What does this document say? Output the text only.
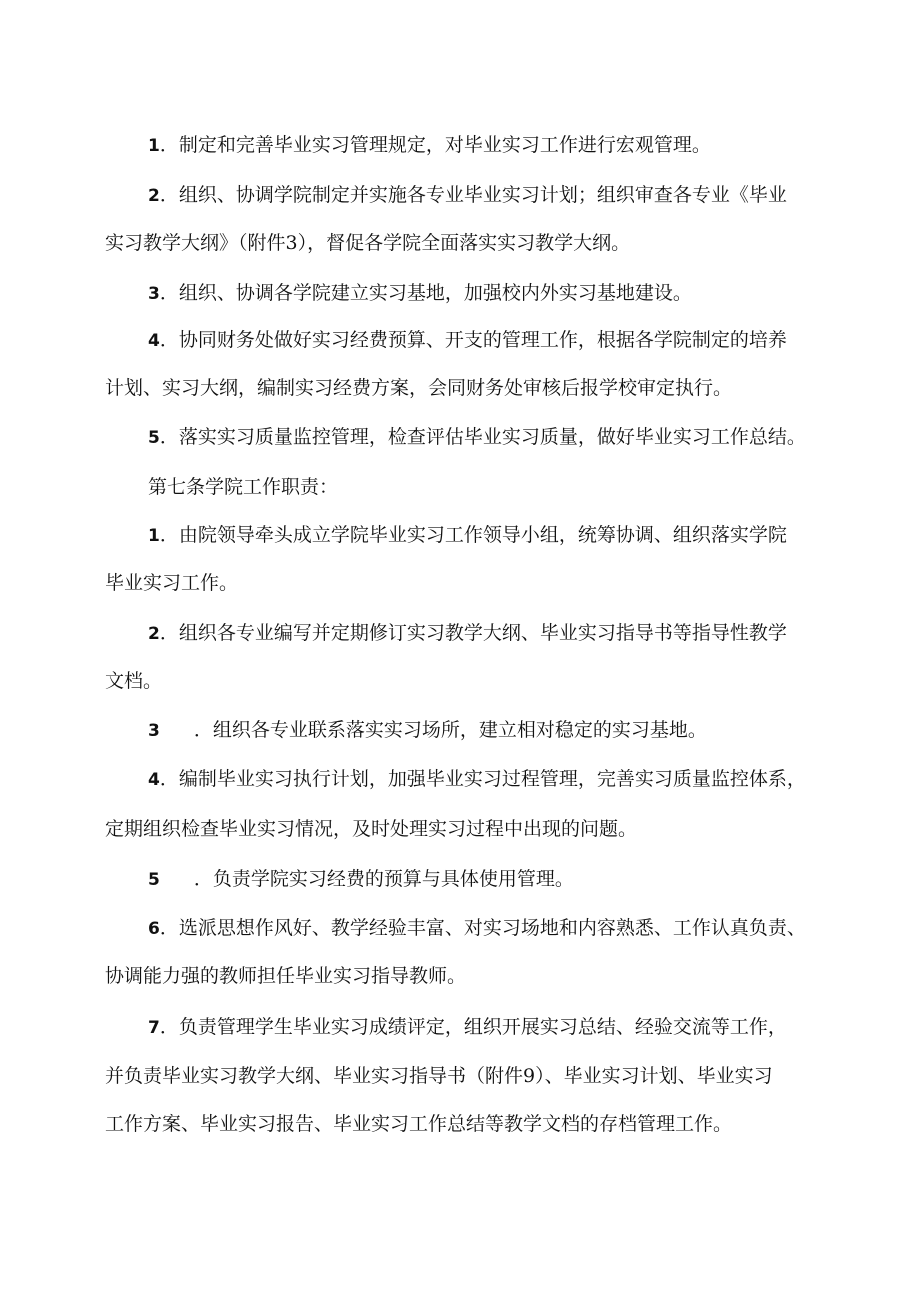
1．制定和完善毕业实习管理规定，对毕业实习工作进行宏观管理。
2．组织、协调学院制定并实施各专业毕业实习计划；组织审查各专业《毕业
实习教学大纲》（附件3），督促各学院全面落实实习教学大纲。
3．组织、协调各学院建立实习基地，加强校内外实习基地建设。
4．协同财务处做好实习经费预算、开支的管理工作，根据各学院制定的培养
计划、实习大纲，编制实习经费方案，会同财务处审核后报学校审定执行。
5．落实实习质量监控管理，检查评估毕业实习质量，做好毕业实习工作总结。
第七条学院工作职责：
1．由院领导牵头成立学院毕业实习工作领导小组，统筹协调、组织落实学院
毕业实习工作。
2．组织各专业编写并定期修订实习教学大纲、毕业实习指导书等指导性教学
文档。
3 ．组织各专业联系落实实习场所，建立相对稳定的实习基地。
4．编制毕业实习执行计划，加强毕业实习过程管理，完善实习质量监控体系，
定期组织检查毕业实习情况，及时处理实习过程中出现的问题。
5 ．负责学院实习经费的预算与具体使用管理。
6．选派思想作风好、教学经验丰富、对实习场地和内容熟悉、工作认真负责、
协调能力强的教师担任毕业实习指导教师。
7．负责管理学生毕业实习成绩评定，组织开展实习总结、经验交流等工作，
并负责毕业实习教学大纲、毕业实习指导书（附件9）、毕业实习计划、毕业实习
工作方案、毕业实习报告、毕业实习工作总结等教学文档的存档管理工作。
